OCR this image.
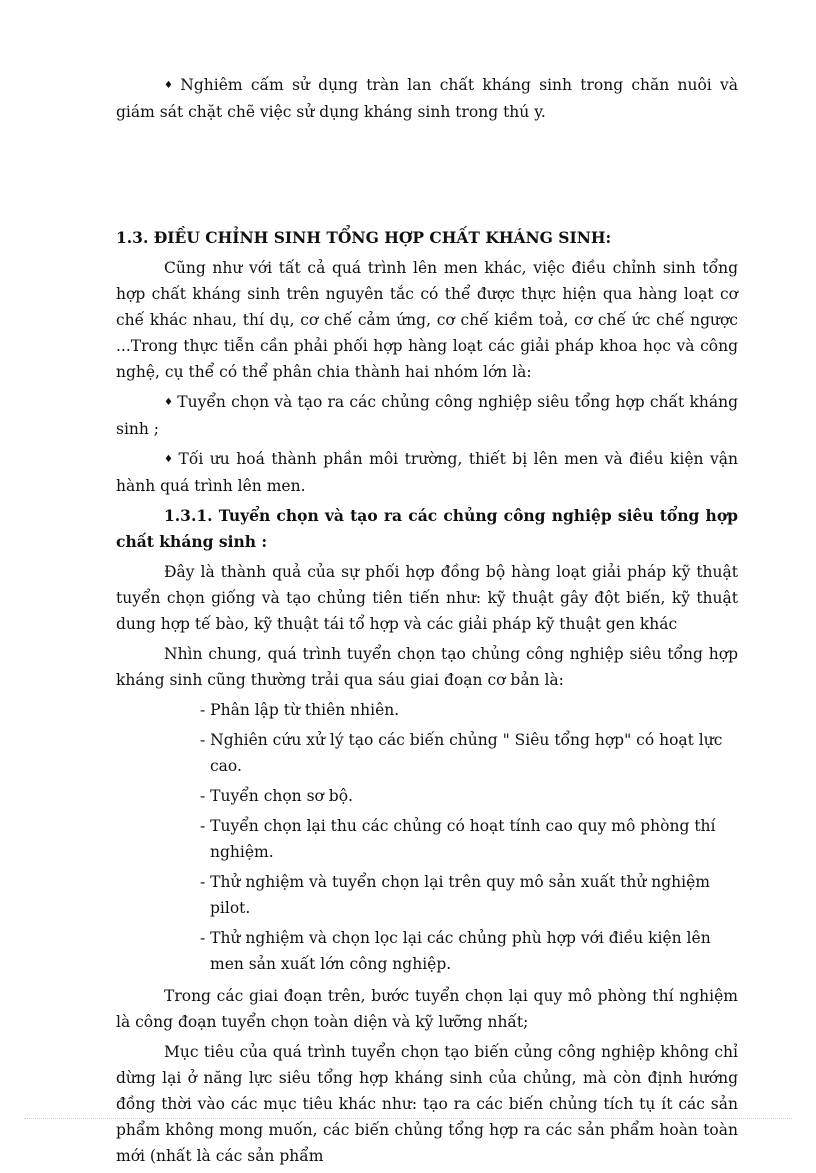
♦ Nghiêm cấm sử dụng tràn lan chất kháng sinh trong chăn nuôi và giám sát chặt chẽ việc sử dụng kháng sinh trong thú y.

1.3. ĐIỀU CHỈNH SINH TỔNG HỢP CHẤT KHÁNG SINH:

Cũng như với tất cả quá trình lên men khác, việc điều chỉnh sinh tổng hợp chất kháng sinh trên nguyên tắc có thể được thực hiện qua hàng loạt cơ chế khác nhau, thí dụ, cơ chế cảm ứng, cơ chế kiềm toả, cơ chế ức chế ngược ...Trong thực tiễn cần phải phối hợp hàng loạt các giải pháp khoa học và công nghệ, cụ thể có thể phân chia thành hai nhóm lớn là:

♦ Tuyển chọn và tạo ra các chủng công nghiệp siêu tổng hợp chất kháng sinh ;

♦ Tối ưu hoá thành phần môi trường, thiết bị lên men và điều kiện vận hành quá trình lên men.

1.3.1. Tuyển chọn và tạo ra các chủng công nghiệp siêu tổng hợp chất kháng sinh :

Đây là thành quả của sự phối hợp đồng bộ hàng loạt giải pháp kỹ thuật tuyển chọn giống và tạo chủng tiên tiến như: kỹ thuật gây đột biến, kỹ thuật dung hợp tế bào, kỹ thuật tái tổ hợp và các giải pháp kỹ thuật gen khác

Nhìn chung, quá trình tuyển chọn tạo chủng công nghiệp siêu tổng hợp kháng sinh cũng thường trải qua sáu giai đoạn cơ bản là:

- Phân lập từ thiên nhiên.
- Nghiên cứu xử lý tạo các biến chủng " Siêu tổng hợp" có hoạt lực cao.
- Tuyển chọn sơ bộ.
- Tuyển chọn lại thu các chủng có hoạt tính cao quy mô phòng thí nghiệm.
- Thử nghiệm và tuyển chọn lại trên quy mô sản xuất thử nghiệm pilot.
- Thử nghiệm và chọn lọc lại các chủng phù hợp với điều kiện lên men sản xuất lớn công nghiệp.

Trong các giai đoạn trên, bước tuyển chọn lại quy mô phòng thí nghiệm là công đoạn tuyển chọn toàn diện và kỹ lưỡng nhất;

Mục tiêu của quá trình tuyển chọn tạo biến củng công nghiệp không chỉ dừng lại ở năng lực siêu tổng hợp kháng sinh của chủng, mà còn định hướng đồng thời vào các mục tiêu khác như: tạo ra các biến chủng tích tụ ít các sản phẩm không mong muốn, các biến chủng tổng hợp ra các sản phẩm hoàn toàn mới (nhất là các sản phẩm
